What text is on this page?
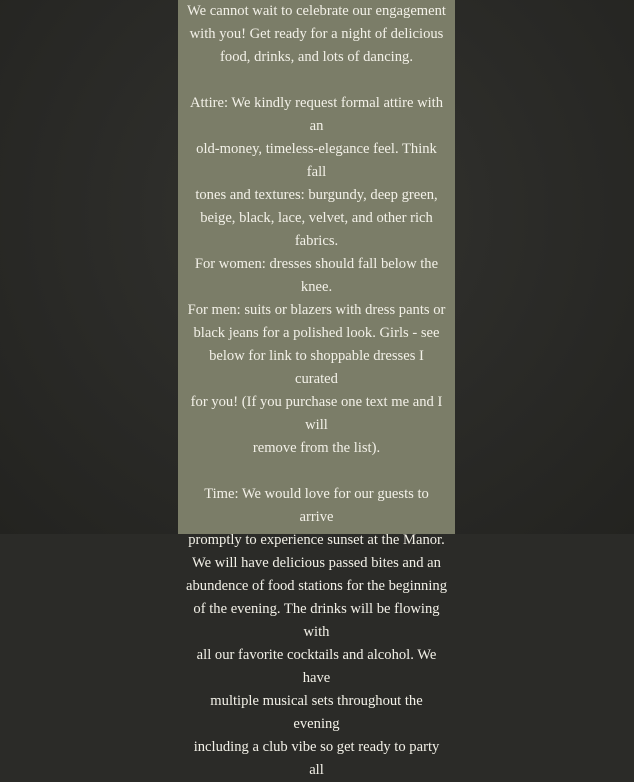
We cannot wait to celebrate our engagement
with you! Get ready for a night of delicious
food, drinks, and lots of dancing.

Attire: We kindly request formal attire with an
old-money, timeless-elegance feel. Think fall
tones and textures: burgundy, deep green,
beige, black, lace, velvet, and other rich fabrics.
For women: dresses should fall below the knee.
For men: suits or blazers with dress pants or
black jeans for a polished look. Girls - see
below for link to shoppable dresses I curated
for you! (If you purchase one text me and I will
remove from the list).

Time: We would love for our guests to arrive
promptly to experience sunset at the Manor.
We will have delicious passed bites and an
abundence of food stations for the beginning
of the evening. The drinks will be flowing with
all our favorite cocktails and alcohol. We have
multiple musical sets throughout the evening
including a club vibe so get ready to party all
